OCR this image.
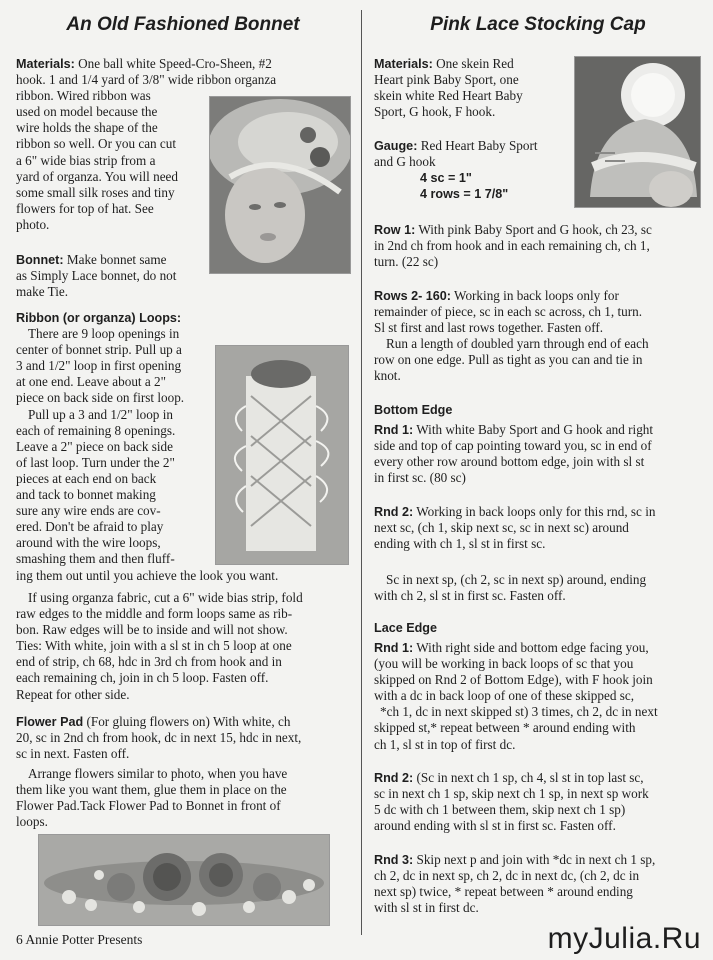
An Old Fashioned Bonnet

Materials: One ball white Speed-Cro-Sheen, #2
hook. 1 and 1/4 yard of 3/8" wide ribbon organza
ribbon. Wired ribbon was
used on model because the
wire holds the shape of the
ribbon so well. Or you can cut
a 6" wide bias strip from a
yard of organza. You will need
some small silk roses and tiny
flowers for top of hat. See
photo.

Bonnet: Make bonnet same
as Simply Lace bonnet, do not
make Tie.

Ribbon (or organza) Loops:
There are 9 loop openings in
center of bonnet strip. Pull up a
3 and 1/2" loop in first opening
at one end. Leave about a 2"
piece on back side on first loop.
Pull up a 3 and 1/2" loop in
each of remaining 8 openings.
Leave a 2" piece on back side
of last loop. Turn under the 2"
pieces at each end on back
and tack to bonnet making
sure any wire ends are cov-
ered. Don't be afraid to play
around with the wire loops,
smashing them and then fluff-
ing them out until you achieve the look you want.

If using organza fabric, cut a 6" wide bias strip, fold
raw edges to the middle and form loops same as rib-
bon. Raw edges will be to inside and will not show.
Ties: With white, join with a sl st in ch 5 loop at one
end of strip, ch 68, hdc in 3rd ch from hook and in
each remaining ch, join in ch 5 loop. Fasten off.
Repeat for other side.

Flower Pad (For gluing flowers on) With white, ch
20, sc in 2nd ch from hook, dc in next 15, hdc in next,
sc in next. Fasten off.

Arrange flowers similar to photo, when you have
them like you want them, glue them in place on the
Flower Pad.Tack Flower Pad to Bonnet in front of
loops.

6 Annie Potter Presents
Pink Lace Stocking Cap

Materials: One skein Red
Heart pink Baby Sport, one
skein white Red Heart Baby
Sport, G hook, F hook.

Gauge: Red Heart Baby Sport
and G hook
4 sc = 1"
4 rows = 1 7/8"

Row 1: With pink Baby Sport and G hook, ch 23, sc
in 2nd ch from hook and in each remaining ch, ch 1,
turn. (22 sc)

Rows 2- 160: Working in back loops only for
remainder of piece, sc in each sc across, ch 1, turn.
Sl st first and last rows together. Fasten off.
Run a length of doubled yarn through end of each
row on one edge. Pull as tight as you can and tie in
knot.

Bottom Edge

Rnd 1: With white Baby Sport and G hook and right
side and top of cap pointing toward you, sc in end of
every other row around bottom edge, join with sl st
in first sc. (80 sc)

Rnd 2: Working in back loops only for this rnd, sc in
next sc, (ch 1, skip next sc, sc in next sc) around
ending with ch 1, sl st in first sc.

Sc in next sp, (ch 2, sc in next sp) around, ending
with ch 2, sl st in first sc. Fasten off.

Lace Edge

Rnd 1: With right side and bottom edge facing you,
(you will be working in back loops of sc that you
skipped on Rnd 2 of Bottom Edge), with F hook join
with a dc in back loop of one of these skipped sc,
*ch 1, dc in next skipped st) 3 times, ch 2, dc in next
skipped st,* repeat between * around ending with
ch 1, sl st in top of first dc.

Rnd 2: (Sc in next ch 1 sp, ch 4, sl st in top last sc,
sc in next ch 1 sp, skip next ch 1 sp, in next sp work
5 dc with ch 1 between them, skip next ch 1 sp)
around ending with sl st in first sc. Fasten off.

Rnd 3: Skip next p and join with *dc in next ch 1 sp,
ch 2, dc in next sp, ch 2, dc in next dc, (ch 2, dc in
next sp) twice, * repeat between * around ending
with sl st in first dc.

myJulia.Ru
